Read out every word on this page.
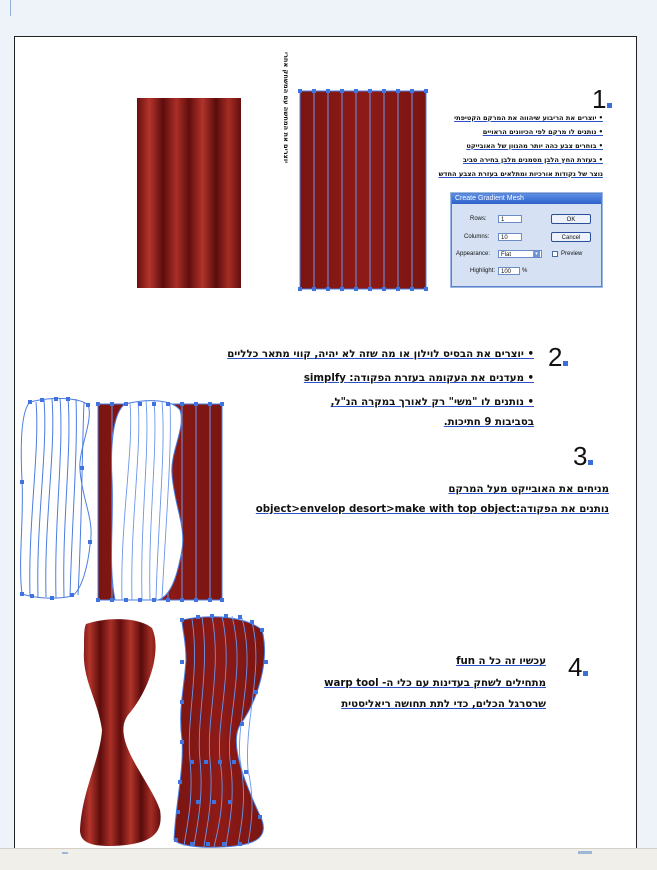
יוצרים את המחשה עם המשחק אחרי	1
• יוצרים את הריבוע שיהווה את המרקם הקטיפתי
• נותנים לו מרקם לפי הכיוונים הראויים
• בוחרים צבע כהה יותר מהגוון של האובייקט
• בעזרת החץ הלבן מסמנים מלבן בחירה סביב
נוצר של נקודות אורכיות ומתלאים בעזרת הצבע החדש
Create Gradient Mesh
Rows:	1
Columns:	10
Appearance:	Flat	▾
Highlight: 100	%
OK
Cancel
Preview
2
• יוצרים את הבסיס לוילון או מה שזה לא יהיה, קווי מתאר כלליים
• מעדנים את העקומה בעזרת הפקודה: simplfy
• נותנים לו "משי" רק לאורך במקרה הנ"ל,
בסביבות 9 חתיכות.
3
מניחים את האובייקט מעל המרקם
נותנים את הפקודה:object>envelop desort>make with top object
4
עכשיו זה כל ה fun
מתחילים לשחק בעדינות עם כלי ה- warp tool
שרסרגל הכלים, כדי לתת תחושה ריאליסטית
